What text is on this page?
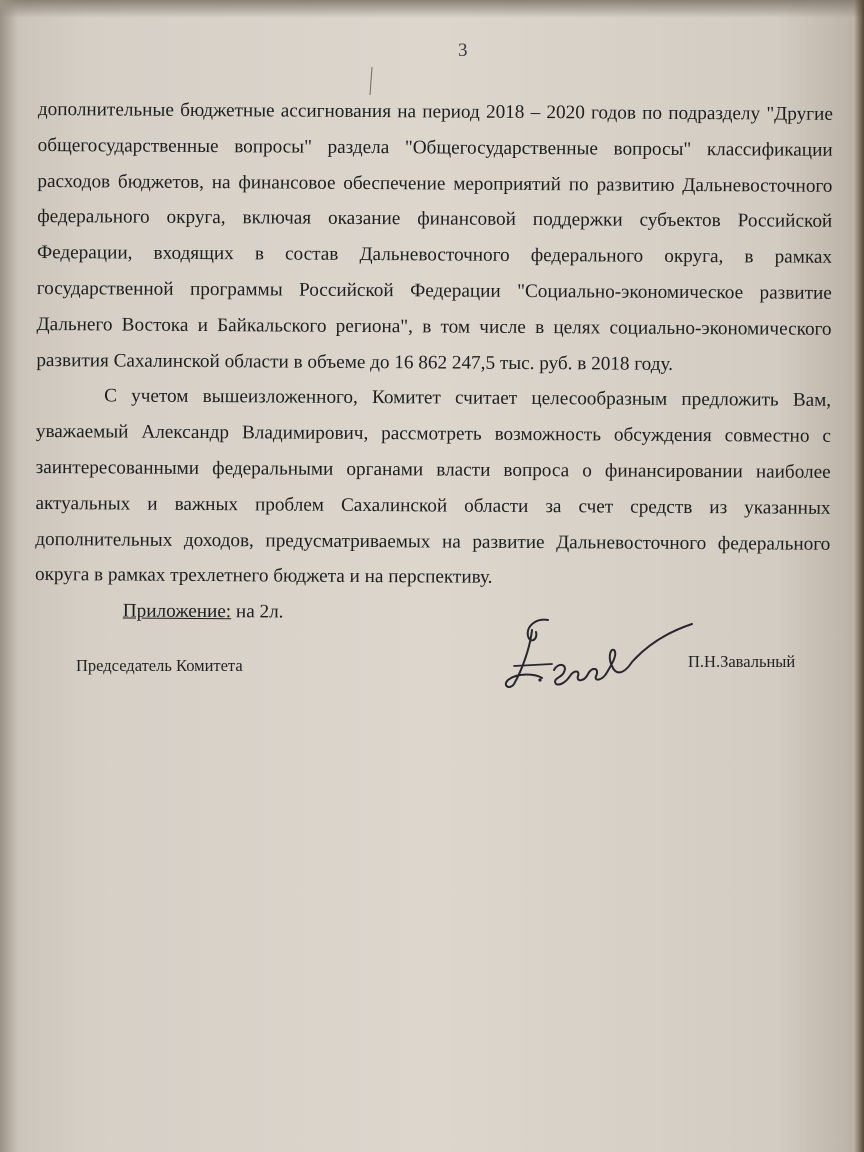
3

дополнительные бюджетные ассигнования на период 2018 – 2020 годов по подразделу "Другие общегосударственные вопросы" раздела "Общегосударственные вопросы" классификации расходов бюджетов, на финансовое обеспечение мероприятий по развитию Дальневосточного федерального округа, включая оказание финансовой поддержки субъектов Российской Федерации, входящих в состав Дальневосточного федерального округа, в рамках государственной программы Российской Федерации "Социально-экономическое развитие Дальнего Востока и Байкальского региона", в том числе в целях социально-экономического развития Сахалинской области в объеме до 16 862 247,5 тыс. руб. в 2018 году.

С учетом вышеизложенного, Комитет считает целесообразным предложить Вам, уважаемый Александр Владимирович, рассмотреть возможность обсуждения совместно с заинтересованными федеральными органами власти вопроса о финансировании наиболее актуальных и важных проблем Сахалинской области за счет средств из указанных дополнительных доходов, предусматриваемых на развитие Дальневосточного федерального округа в рамках трехлетнего бюджета и на перспективу.

Приложение: на 2л.

Председатель Комитета	П.Н.Завальный
